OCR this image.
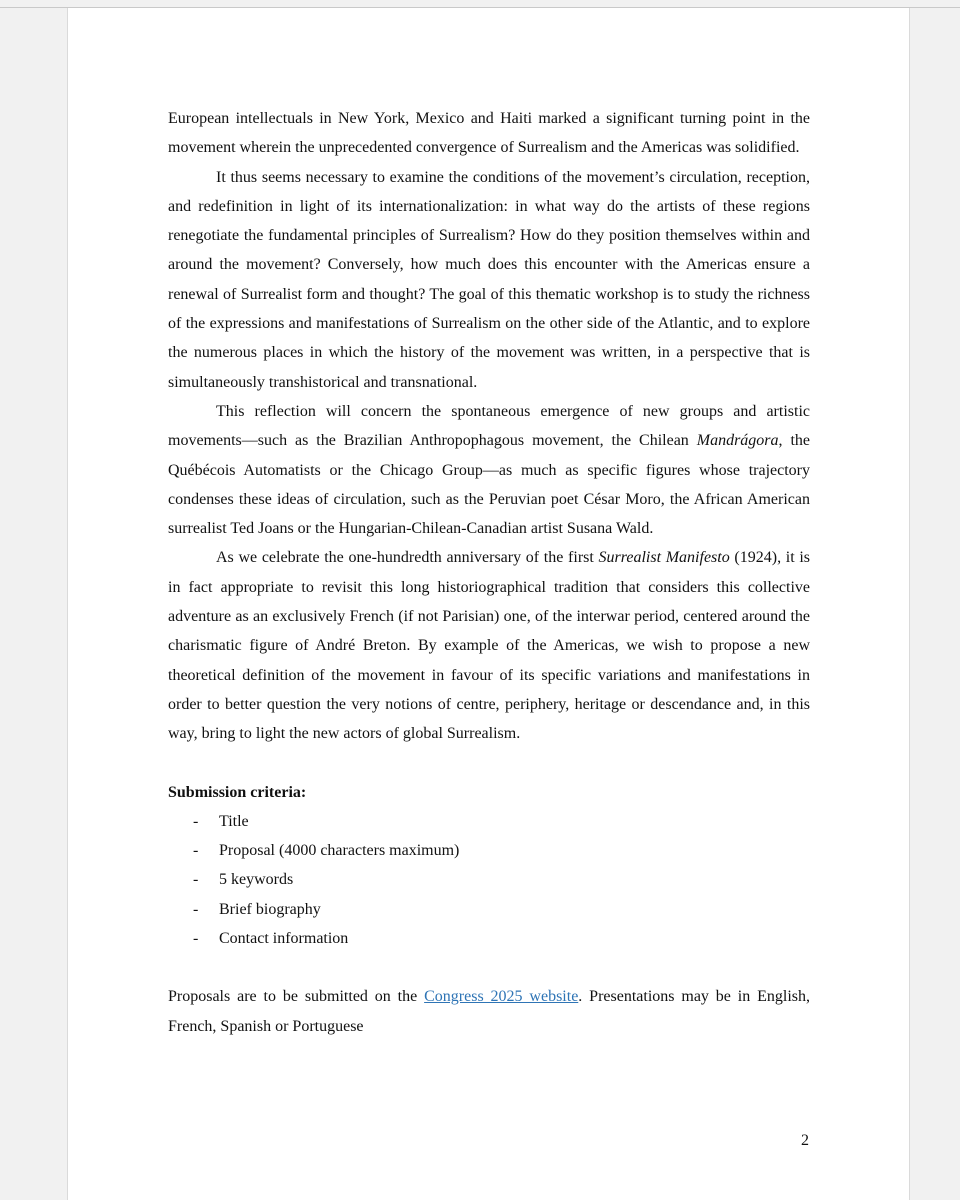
European intellectuals in New York, Mexico and Haiti marked a significant turning point in the movement wherein the unprecedented convergence of Surrealism and the Americas was solidified.

It thus seems necessary to examine the conditions of the movement’s circulation, reception, and redefinition in light of its internationalization: in what way do the artists of these regions renegotiate the fundamental principles of Surrealism? How do they position themselves within and around the movement? Conversely, how much does this encounter with the Americas ensure a renewal of Surrealist form and thought? The goal of this thematic workshop is to study the richness of the expressions and manifestations of Surrealism on the other side of the Atlantic, and to explore the numerous places in which the history of the movement was written, in a perspective that is simultaneously transhistorical and transnational.

This reflection will concern the spontaneous emergence of new groups and artistic movements—such as the Brazilian Anthropophagous movement, the Chilean Mandrágora, the Québécois Automatists or the Chicago Group—as much as specific figures whose trajectory condenses these ideas of circulation, such as the Peruvian poet César Moro, the African American surrealist Ted Joans or the Hungarian-Chilean-Canadian artist Susana Wald.

As we celebrate the one-hundredth anniversary of the first Surrealist Manifesto (1924), it is in fact appropriate to revisit this long historiographical tradition that considers this collective adventure as an exclusively French (if not Parisian) one, of the interwar period, centered around the charismatic figure of André Breton. By example of the Americas, we wish to propose a new theoretical definition of the movement in favour of its specific variations and manifestations in order to better question the very notions of centre, periphery, heritage or descendance and, in this way, bring to light the new actors of global Surrealism.

Submission criteria:

- Title
- Proposal (4000 characters maximum)
- 5 keywords
- Brief biography
- Contact information

Proposals are to be submitted on the Congress 2025 website. Presentations may be in English, French, Spanish or Portuguese

2
